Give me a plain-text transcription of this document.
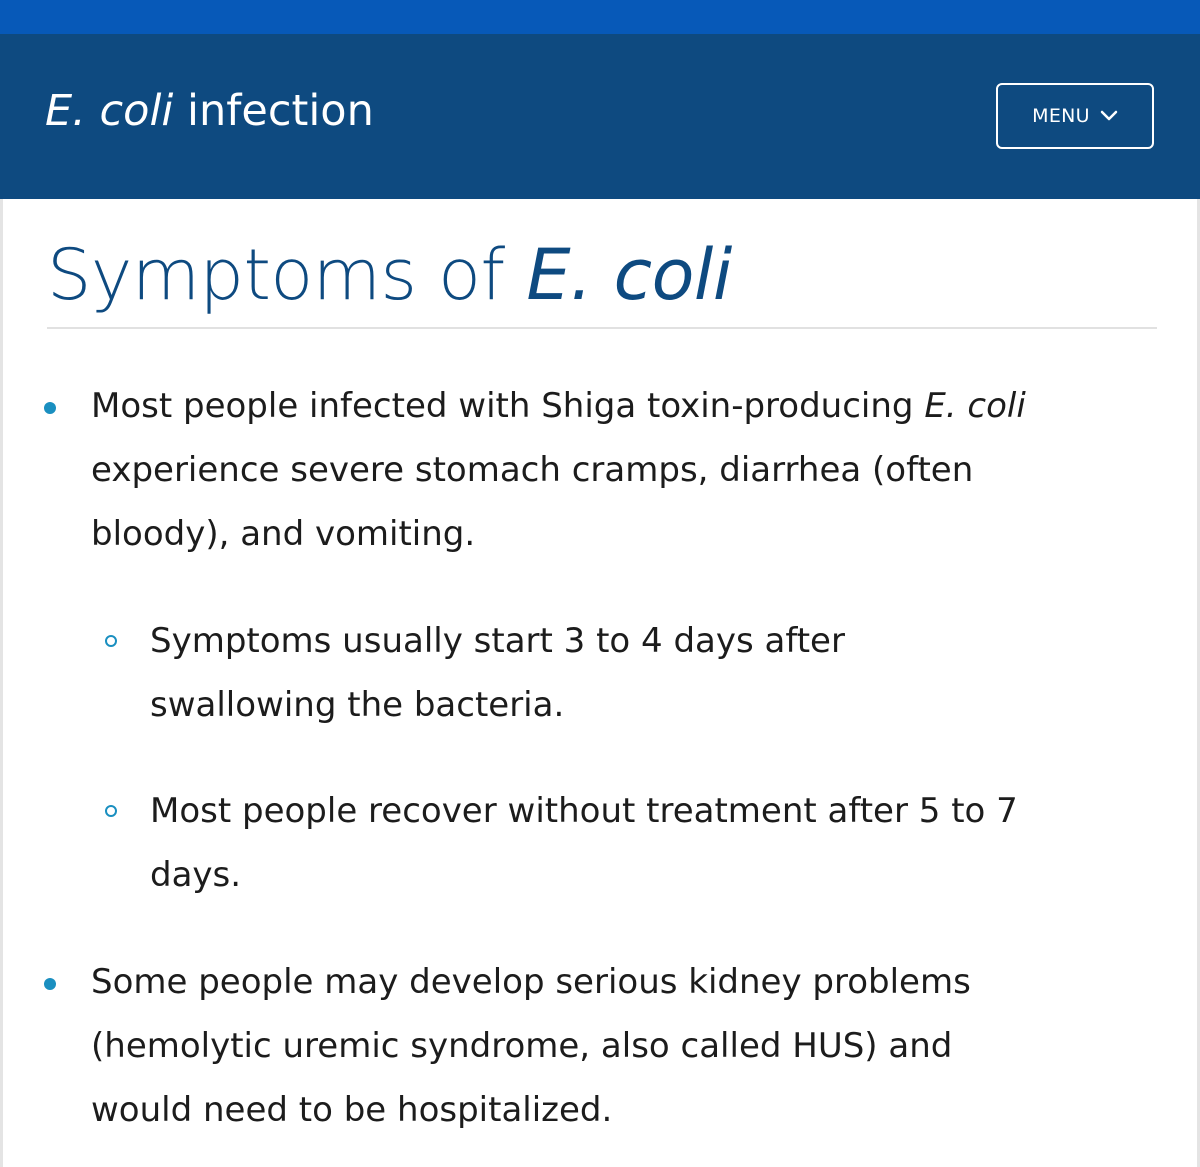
E. coli infection	MENU
Symptoms of E. coli
Most people infected with Shiga toxin-producing E. coli
experience severe stomach cramps, diarrhea (often
bloody), and vomiting.
Symptoms usually start 3 to 4 days after
swallowing the bacteria.
Most people recover without treatment after 5 to 7
days.
Some people may develop serious kidney problems
(hemolytic uremic syndrome, also called HUS) and
would need to be hospitalized.
